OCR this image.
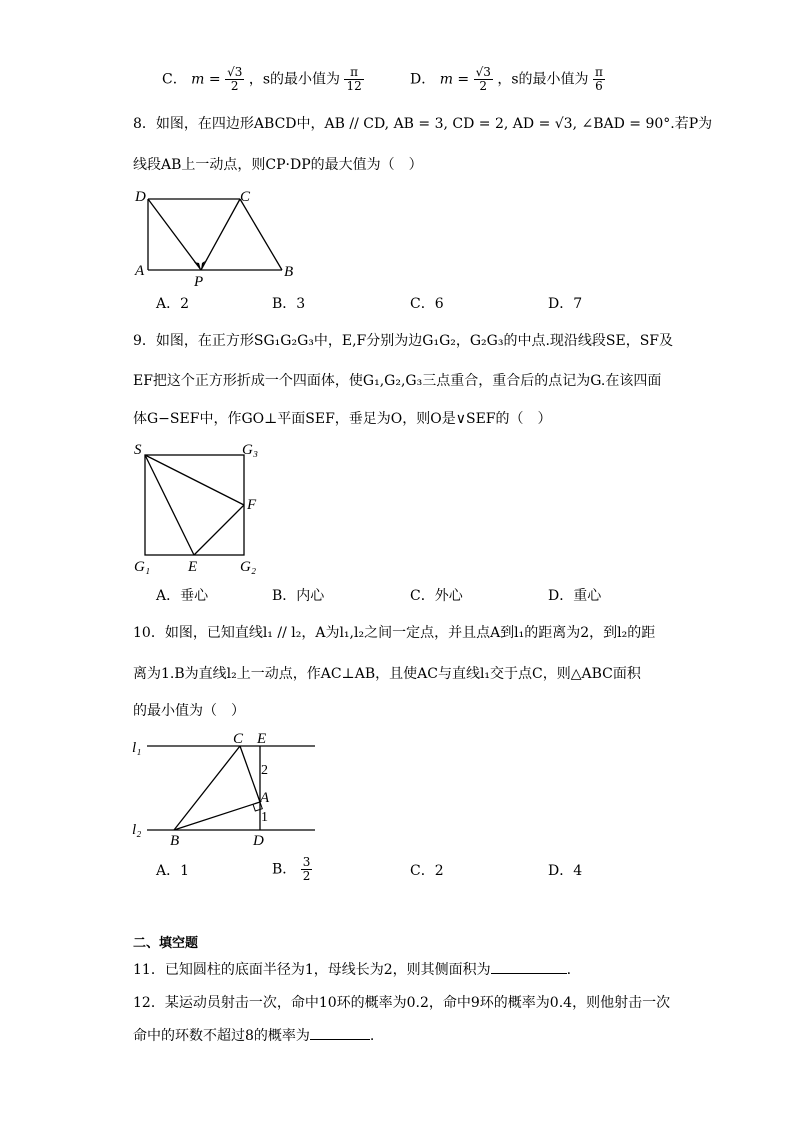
C． $m = \frac{√3}{2}$ ，s的最小值为 $\frac{\pi}{12}$	D． $m = \frac{√3}{2}$ ，s的最小值为 $\frac{\pi}{6}$
8．如图，在四边形ABCD中，AB // CD, AB = 3, CD = 2, AD = √3, ∠BAD = 90°.若P为
线段AB上一动点，则CP·DP的最大值为（　）
D	C
A	B
P
A．2	B．3	C．6	D．7
9．如图，在正方形SG₁G₂G₃中，E,F分别为边G₁G₂，G₂G₃的中点.现沿线段SE，SF及
EF把这个正方形折成一个四面体，使G₁,G₂,G₃三点重合，重合后的点记为G.在该四面
体G−SEF中，作GO⊥平面SEF，垂足为O，则O是∨SEF的（　）
S	G₃
F
G₁	E	G₂
A．垂心	B．内心	C．外心	D．重心
10．如图，已知直线l₁ // l₂，A为l₁,l₂之间一定点，并且点A到l₁的距离为2，到l₂的距
离为1.B为直线l₂上一动点，作AC⊥AB，且使AC与直线l₁交于点C，则△ABC面积
的最小值为（　）
l₁
l₂
C E
2
A
1
B	D
A．1	B． $\frac{3}{2}$	C．2	D．4
二、填空题
11．已知圆柱的底面半径为1，母线长为2，则其侧面积为	.
12．某运动员射击一次，命中10环的概率为0.2，命中9环的概率为0.4，则他射击一次
命中的环数不超过8的概率为	.
